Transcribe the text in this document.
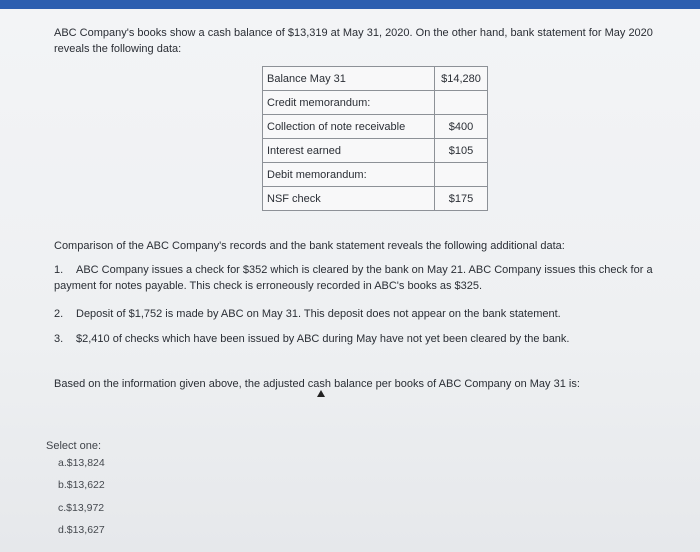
ABC Company's books show a cash balance of $13,319 at May 31, 2020. On the other hand, bank statement for May 2020 reveals the following data:

Balance May 31	$14,280
Credit memorandum:	
Collection of note receivable	$400
Interest earned	$105
Debit memorandum:	
NSF check	$175

Comparison of the ABC Company's records and the bank statement reveals the following additional data:

1. ABC Company issues a check for $352 which is cleared by the bank on May 21. ABC Company issues this check for a payment for notes payable. This check is erroneously recorded in ABC's books as $325.
2. Deposit of $1,752 is made by ABC on May 31. This deposit does not appear on the bank statement.
3. $2,410 of checks which have been issued by ABC during May have not yet been cleared by the bank.

Based on the information given above, the adjusted cash balance per books of ABC Company on May 31 is:

Select one:

a.$13,824
b.$13,622
c.$13,972
d.$13,627
